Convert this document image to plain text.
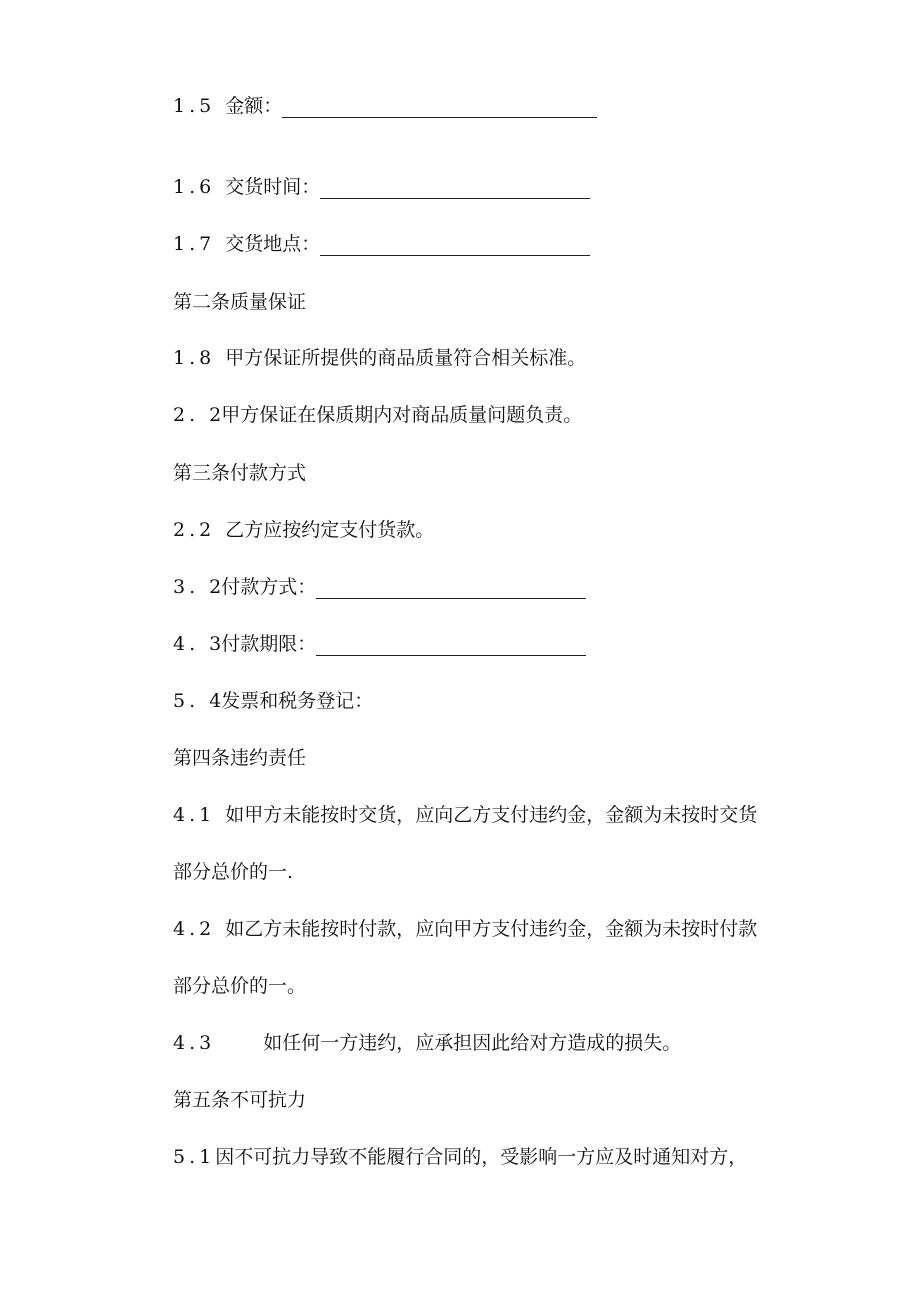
1.5 金额：
1.6 交货时间：
1.7 交货地点：
第二条质量保证
1.8 甲方保证所提供的商品质量符合相关标准。
2. 2甲方保证在保质期内对商品质量问题负责。
第三条付款方式
2.2 乙方应按约定支付货款。
3. 2付款方式：
4. 3付款期限：
5. 4发票和税务登记：
第四条违约责任
4.1 如甲方未能按时交货，应向乙方支付违约金，金额为未按时交货
部分总价的一.
4.2 如乙方未能按时付款，应向甲方支付违约金，金额为未按时付款
部分总价的一。
4.3	如任何一方违约，应承担因此给对方造成的损失。
第五条不可抗力
5.1因不可抗力导致不能履行合同的，受影响一方应及时通知对方，
